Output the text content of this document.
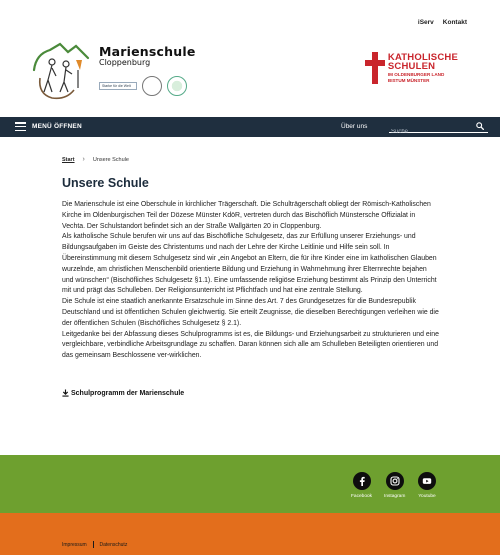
iServ Kontakt
Marienschule
Cloppenburg
Starke für die Welt
KATHOLISCHE
SCHULEN
IM OLDENBURGER LAND
BISTUM MÜNSTER
MENÜ ÖFFNEN	Über uns
Suche
Start › Unsere Schule
Unsere Schule

Die Marienschule ist eine Oberschule in kirchlicher Trägerschaft. Die Schulträgerschaft obliegt der Römisch-Katholischen Kirche im Oldenburgischen Teil der Dözese Münster KdöR, vertreten durch das Bischöflich Münstersche Offizialat in Vechta. Der Schulstandort befindet sich an der Straße Wallgärten 20 in Cloppenburg.

Als katholische Schule berufen wir uns auf das Bischöfliche Schulgesetz, das zur Erfüllung unserer Erziehungs- und Bildungsaufgaben im Geiste des Christentums und nach der Lehre der Kirche Leitlinie und Hilfe sein soll. In Übereinstimmung mit diesem Schulgesetz sind wir „ein Angebot an Eltern, die für ihre Kinder eine im katholischen Glauben wurzelnde, am christlichen Menschenbild orientierte Bildung und Erziehung in Wahrnehmung ihrer Elternrechte bejahen und wünschen“ (Bischöfliches Schulgesetz §1.1). Eine umfassende religiöse Erziehung bestimmt als Prinzip den Unterricht mit und prägt das Schulleben. Der Religionsunterricht ist Pflichtfach und hat eine zentrale Stellung.

Die Schule ist eine staatlich anerkannte Ersatzschule im Sinne des Art. 7 des Grundgesetzes für die Bundesrepublik Deutschland und ist öffentlichen Schulen gleichwertig. Sie erteilt Zeugnisse, die dieselben Berechtigungen verleihen wie die der öffentlichen Schulen (Bischöfliches Schulgesetz § 2.1).

Leitgedanke bei der Abfassung dieses Schulprogramms ist es, die Bildungs- und Erziehungsarbeit zu strukturieren und eine vergleichbare, verbindliche Arbeitsgrundlage zu schaffen. Daran können sich alle am Schulleben Beteiligten orientieren und das gemeinsam Beschlossene ver-wirklichen.

Schulprogramm der Marienschule
Facebook Instagram	Youtube
Impressum	Datenschutz
